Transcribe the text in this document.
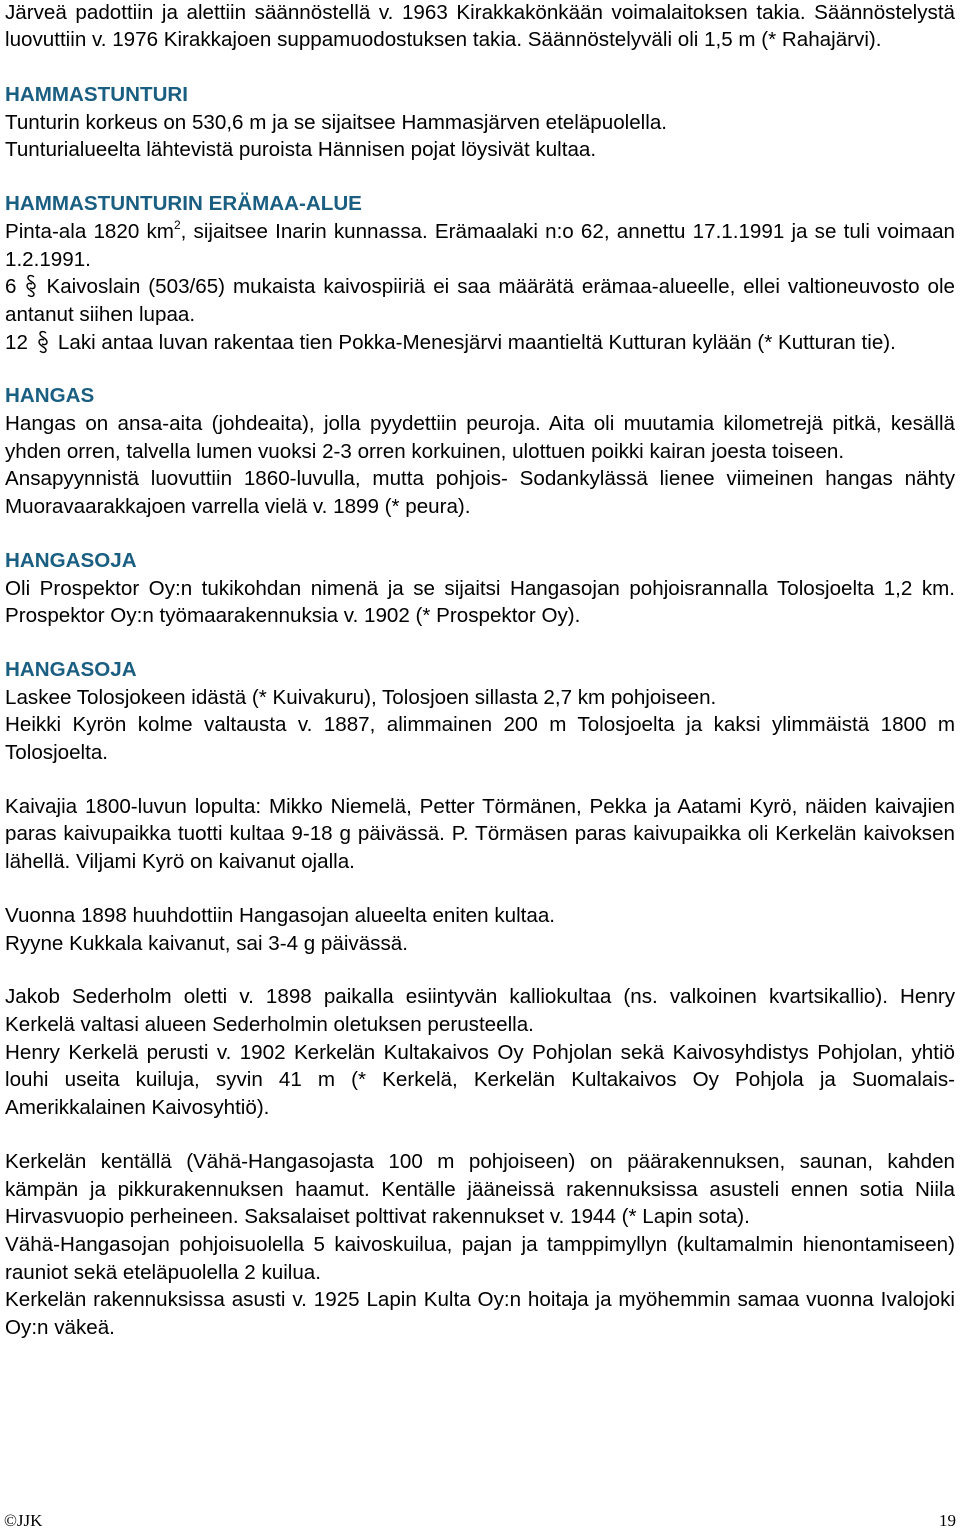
Järveä padottiin ja alettiin säännöstellä v. 1963 Kirakkakönkään voimalaitoksen takia. Säännöstelystä luovuttiin v. 1976 Kirakkajoen suppamuodostuksen takia. Säännöstelyväli oli 1,5 m (* Rahajärvi).

HAMMASTUNTURI

Tunturin korkeus on 530,6 m ja se sijaitsee Hammasjärven eteläpuolella.

Tunturialueelta lähtevistä puroista Hännisen pojat löysivät kultaa.

HAMMASTUNTURIN ERÄMAA-ALUE

Pinta-ala 1820 $km^2$, sijaitsee Inarin kunnassa. Erämaalaki n:o 62, annettu 17.1.1991 ja se tuli voimaan 1.2.1991.

6 Kaivoslain (503/65) mukaista kaivospiiriä ei saa määrätä erämaa-alueelle, ellei valtioneuvosto ole antanut siihen lupaa.

12 Laki antaa luvan rakentaa tien Pokka-Menesjärvi maantieltä Kutturan kylään (* Kutturan tie).

HANGAS

Hangas on ansa-aita (johdeaita), jolla pyydettiin peuroja. Aita oli muutamia kilometrejä pitkä, kesällä yhden orren, talvella lumen vuoksi 2-3 orren korkuinen, ulottuen poikki kairan joesta toiseen.

Ansapyynnistä luovuttiin 1860-luvulla, mutta pohjois- Sodankylässä lienee viimeinen hangas nähty Muoravaarakkajoen varrella vielä v. 1899 (* peura).

HANGASOJA

Oli Prospektor Oy:n tukikohdan nimenä ja se sijaitsi Hangasojan pohjoisrannalla Tolosjoelta 1,2 km. Prospektor Oy:n työmaarakennuksia v. 1902 (* Prospektor Oy).

HANGASOJA

Laskee Tolosjokeen idästä (* Kuivakuru), Tolosjoen sillasta 2,7 km pohjoiseen.

Heikki Kyrön kolme valtausta v. 1887, alimmainen 200 m Tolosjoelta ja kaksi ylimmäistä 1800 m Tolosjoelta.

Kaivajia 1800-luvun lopulta: Mikko Niemelä, Petter Törmänen, Pekka ja Aatami Kyrö, näiden kaivajien paras kaivupaikka tuotti kultaa 9-18 g päivässä. P. Törmäsen paras kaivupaikka oli Kerkelän kaivoksen lähellä. Viljami Kyrö on kaivanut ojalla.

Vuonna 1898 huuhdottiin Hangasojan alueelta eniten kultaa.

Ryyne Kukkala kaivanut, sai 3-4 g päivässä.

Jakob Sederholm oletti v. 1898 paikalla esiintyvän kalliokultaa (ns. valkoinen kvartsikallio). Henry Kerkelä valtasi alueen Sederholmin oletuksen perusteella.

Henry Kerkelä perusti v. 1902 Kerkelän Kultakaivos Oy Pohjolan sekä Kaivosyhdistys Pohjolan, yhtiö louhi useita kuiluja, syvin 41 m (* Kerkelä, Kerkelän Kultakaivos Oy Pohjola ja Suomalais-Amerikkalainen Kaivosyhtiö).

Kerkelän kentällä (Vähä-Hangasojasta 100 m pohjoiseen) on päärakennuksen, saunan, kahden kämpän ja pikkurakennuksen haamut. Kentälle jääneissä rakennuksissa asusteli ennen sotia Niila Hirvasvuopio perheineen. Saksalaiset polttivat rakennukset v. 1944 (* Lapin sota).

Vähä-Hangasojan pohjoisuolella 5 kaivoskuilua, pajan ja tamppimyllyn (kultamalmin hienontamiseen) rauniot sekä eteläpuolella 2 kuilua.

Kerkelän rakennuksissa asusti v. 1925 Lapin Kulta Oy:n hoitaja ja myöhemmin samaa vuonna Ivalojoki Oy:n väkeä.

©JJK	19
